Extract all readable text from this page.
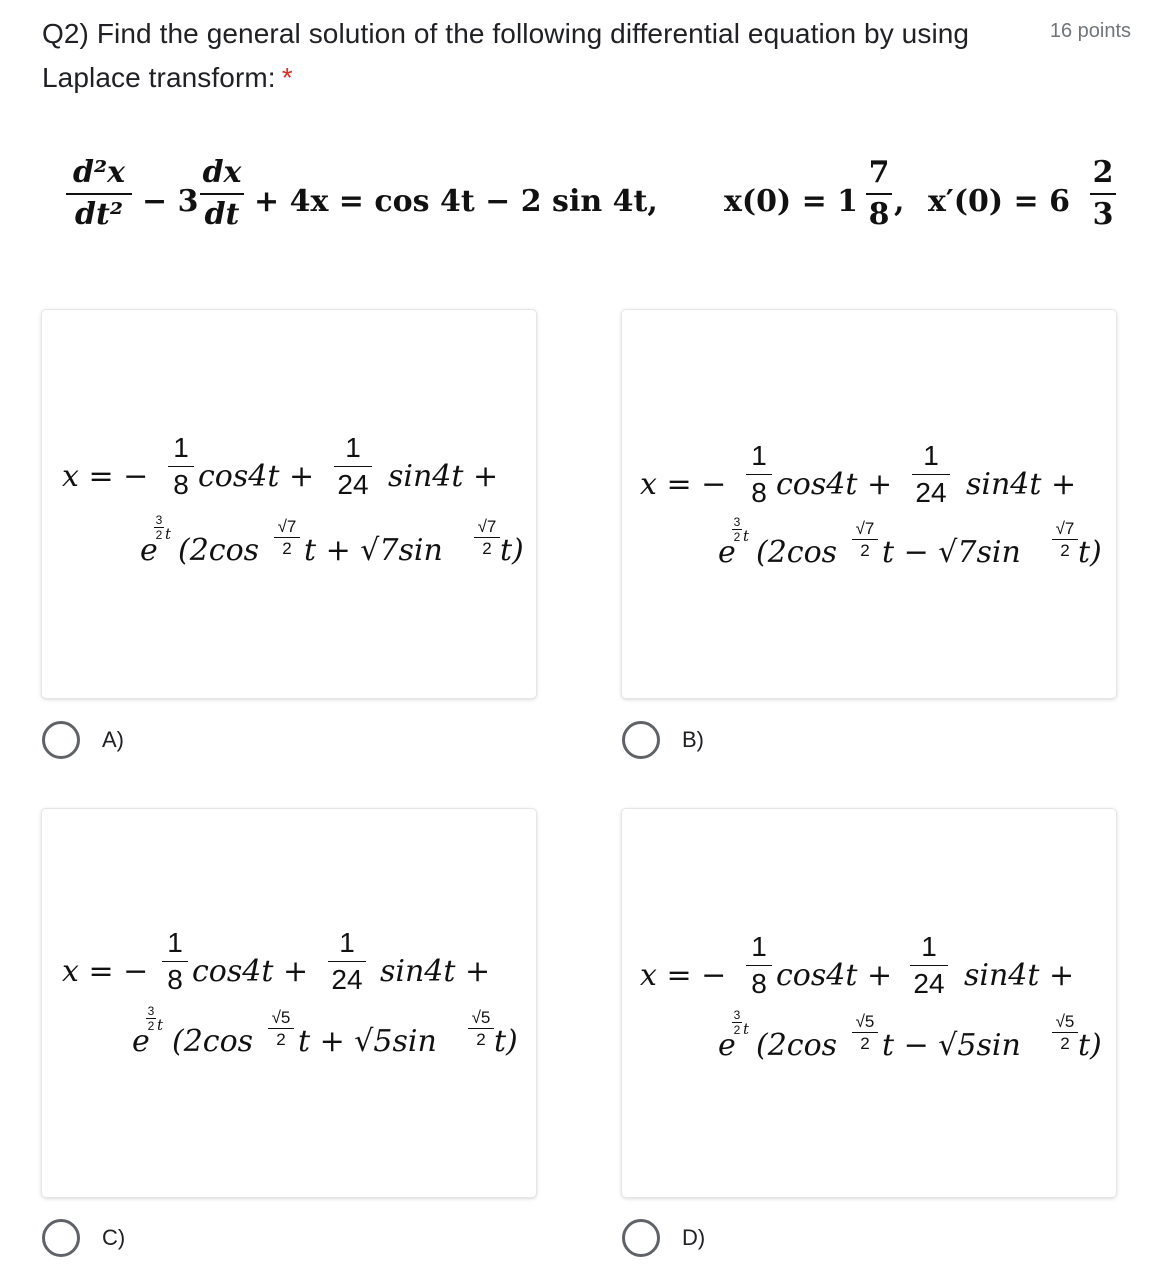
Q2) Find the general solution of the following differential equation by using Laplace transform: *
16 points
d²x
dt² − 3
dx
dt + 4x = cos 4t − 2 sin 4t, x(0) = 1
7
8 , x′(0) = 6
2
3
x = −
1
8 cos4t +
1
24 sin4t +
e
3
2 t (2cos
√7
2 t + √7sin
√7
2 t)
A)
x = −
1
8 cos4t +
1
24 sin4t +
e
3
2 t (2cos
√7
2 t − √7sin
√7
2 t)
B)
x = −
1
8 cos4t +
1
24 sin4t +
e
3
2 t (2cos
√5
2 t + √5sin
√5
2 t)
C)
x = −
1
8 cos4t +
1
24 sin4t +
e
3
2 t (2cos
√5
2 t − √5sin
√5
2 t)
D)
